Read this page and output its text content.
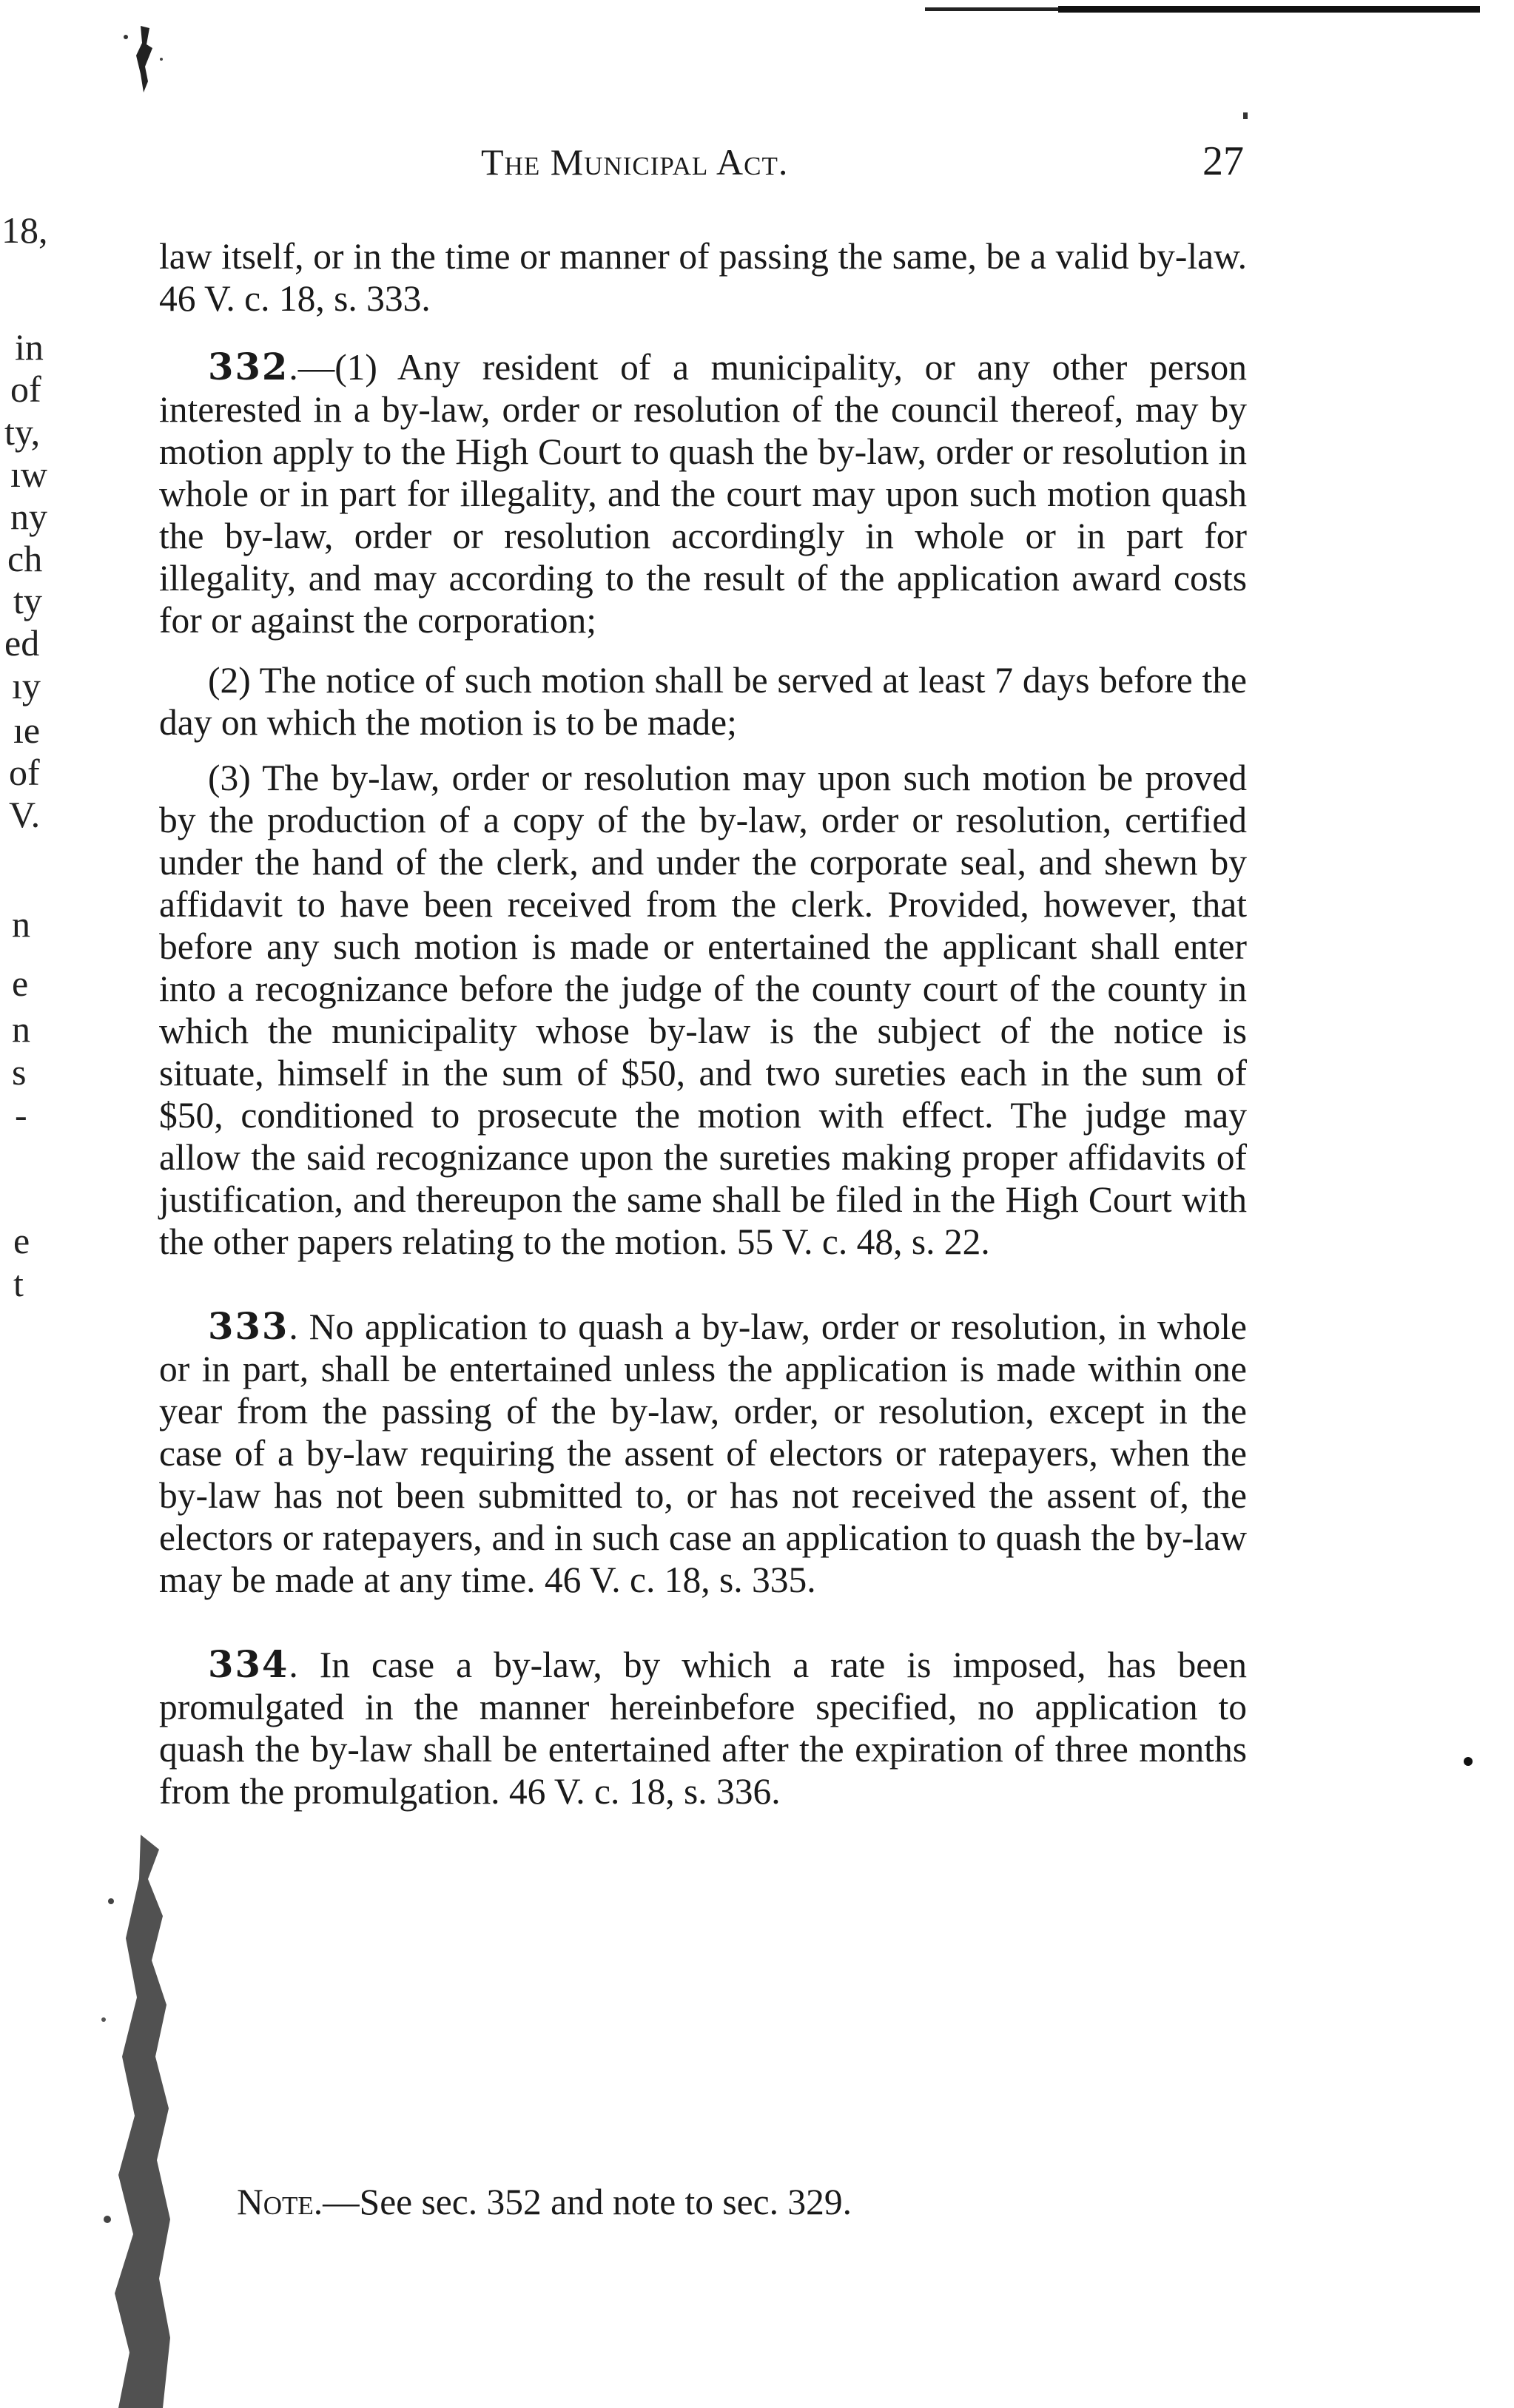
The Municipal Act.	27
18,
in
of
ty,
ıw
ny
ch
ty
ed
ıy
ıe
of
V.
n
e
n
s
-
e
t

law itself, or in the time or manner of passing the same, be a valid by-law. 46 V. c. 18, s. 333.

332.—(1) Any resident of a municipality, or any other person interested in a by-law, order or resolution of the council thereof, may by motion apply to the High Court to quash the by-law, order or resolution in whole or in part for illegality, and the court may upon such motion quash the by-law, order or resolution accordingly in whole or in part for illegality, and may according to the result of the application award costs for or against the corporation;

(2) The notice of such motion shall be served at least 7 days before the day on which the motion is to be made;

(3) The by-law, order or resolution may upon such motion be proved by the production of a copy of the by-law, order or resolution, certified under the hand of the clerk, and under the corporate seal, and shewn by affidavit to have been received from the clerk. Provided, however, that before any such motion is made or entertained the applicant shall enter into a recognizance before the judge of the county court of the county in which the municipality whose by-law is the subject of the notice is situate, himself in the sum of $50, and two sureties each in the sum of $50, conditioned to prosecute the motion with effect. The judge may allow the said recognizance upon the sureties making proper affidavits of justification, and thereupon the same shall be filed in the High Court with the other papers relating to the motion. 55 V. c. 48, s. 22.

333. No application to quash a by-law, order or resolution, in whole or in part, shall be entertained unless the application is made within one year from the passing of the by-law, order, or resolution, except in the case of a by-law requiring the assent of electors or ratepayers, when the by-law has not been submitted to, or has not received the assent of, the electors or ratepayers, and in such case an application to quash the by-law may be made at any time. 46 V. c. 18, s. 335.

334. In case a by-law, by which a rate is imposed, has been promulgated in the manner hereinbefore specified, no application to quash the by-law shall be entertained after the expiration of three months from the promulgation. 46 V. c. 18, s. 336.

Note.—See sec. 352 and note to sec. 329.
